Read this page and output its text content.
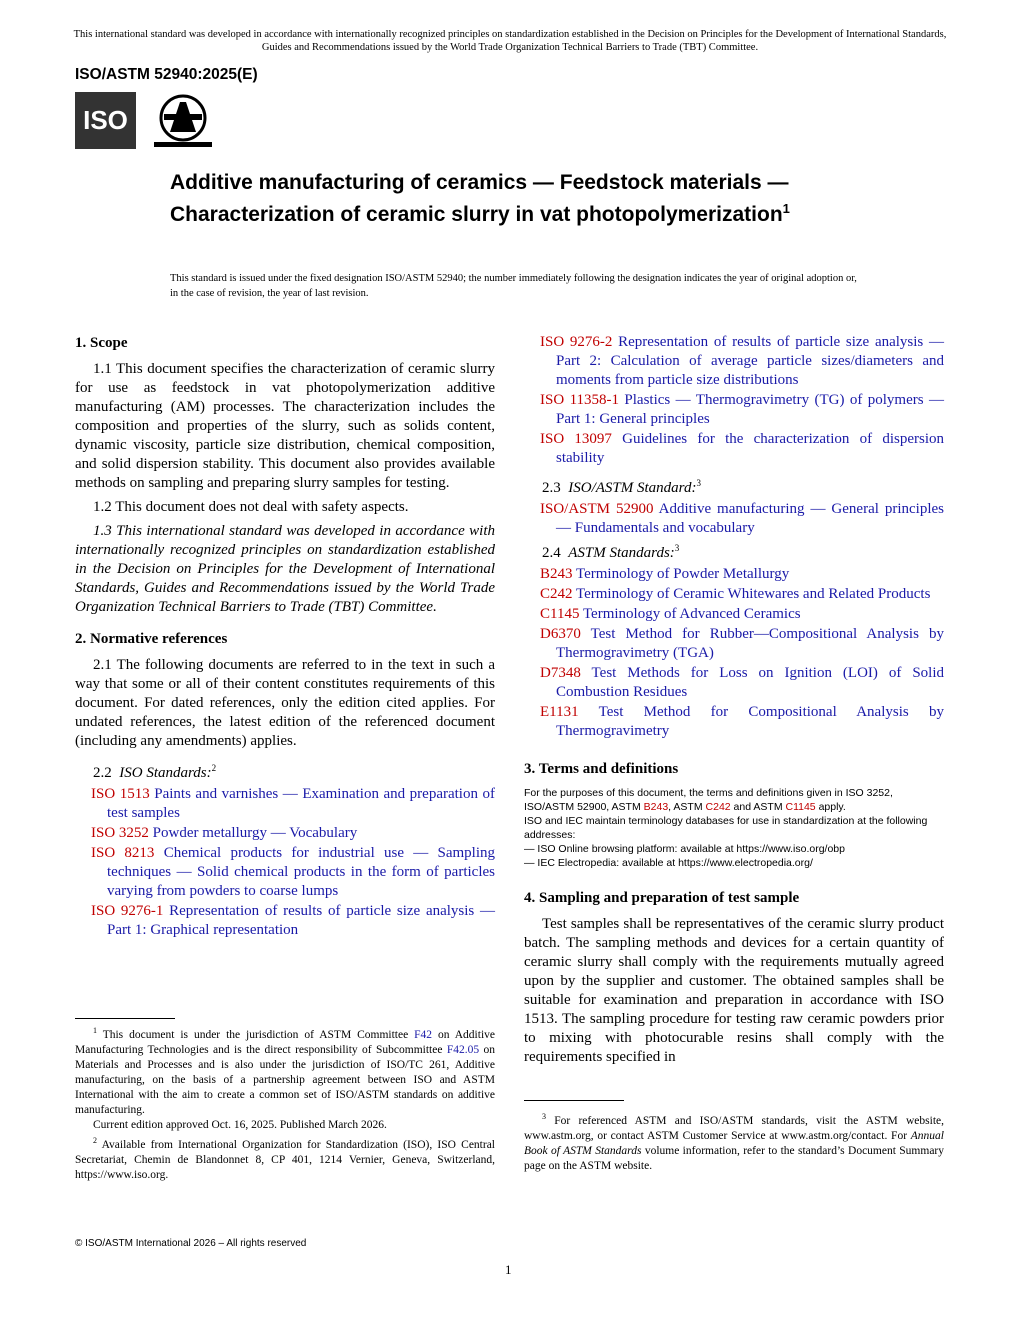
This international standard was developed in accordance with internationally recognized principles on standardization established in the Decision on Principles for the Development of International Standards, Guides and Recommendations issued by the World Trade Organization Technical Barriers to Trade (TBT) Committee.
ISO/ASTM 52940:2025(E)
ISO
Additive manufacturing of ceramics — Feedstock materials — Characterization of ceramic slurry in vat photopolymerization$^1$
This standard is issued under the fixed designation ISO/ASTM 52940; the number immediately following the designation indicates the year of original adoption or, in the case of revision, the year of last revision.
1. Scope

1.1 This document specifies the characterization of ceramic slurry for use as feedstock in vat photopolymerization additive manufacturing (AM) processes. The characterization includes the composition and properties of the slurry, such as solids content, dynamic viscosity, particle size distribution, chemical composition, and solid dispersion stability. This document also provides available methods on sampling and preparing slurry samples for testing.

1.2 This document does not deal with safety aspects.

1.3 This international standard was developed in accordance with internationally recognized principles on standardization established in the Decision on Principles for the Development of International Standards, Guides and Recommendations issued by the World Trade Organization Technical Barriers to Trade (TBT) Committee.

2. Normative references

2.1 The following documents are referred to in the text in such a way that some or all of their content constitutes requirements of this document. For dated references, only the edition cited applies. For undated references, the latest edition of the referenced document (including any amendments) applies.

2.2 ISO Standards:$^2$
ISO 1513 Paints and varnishes — Examination and preparation of test samples
ISO 3252 Powder metallurgy — Vocabulary
ISO 8213 Chemical products for industrial use — Sampling techniques — Solid chemical products in the form of particles varying from powders to coarse lumps
ISO 9276-1 Representation of results of particle size analysis — Part 1: Graphical representation
ISO 9276-2 Representation of results of particle size analysis — Part 2: Calculation of average particle sizes/diameters and moments from particle size distributions
ISO 11358-1 Plastics — Thermogravimetry (TG) of polymers — Part 1: General principles
ISO 13097 Guidelines for the characterization of dispersion stability
2.3 ISO/ASTM Standard:$^3$
ISO/ASTM 52900 Additive manufacturing — General principles — Fundamentals and vocabulary
2.4 ASTM Standards:$^3$
B243 Terminology of Powder Metallurgy
C242 Terminology of Ceramic Whitewares and Related Products
C1145 Terminology of Advanced Ceramics
D6370 Test Method for Rubber—Compositional Analysis by Thermogravimetry (TGA)
D7348 Test Methods for Loss on Ignition (LOI) of Solid Combustion Residues
E1131 Test Method for Compositional Analysis by Thermogravimetry
3. Terms and definitions

For the purposes of this document, the terms and definitions given in ISO 3252, ISO/ASTM 52900, ASTM B243, ASTM C242 and ASTM C1145 apply.

ISO and IEC maintain terminology databases for use in standardization at the following addresses:

— ISO Online browsing platform: available at https://www.iso.org/obp

— IEC Electropedia: available at https://www.electropedia.org/

4. Sampling and preparation of test sample

Test samples shall be representatives of the ceramic slurry product batch. The sampling methods and devices for a certain quantity of ceramic slurry shall comply with the requirements mutually agreed upon by the supplier and customer. The obtained samples shall be suitable for examination and preparation in accordance with ISO 1513. The sampling procedure for testing raw ceramic powders prior to mixing with photocurable resins shall comply with the requirements specified in

$^1$ This document is under the jurisdiction of ASTM Committee F42 on Additive Manufacturing Technologies and is the direct responsibility of Subcommittee F42.05 on Materials and Processes and is also under the jurisdiction of ISO/TC 261, Additive manufacturing, on the basis of a partnership agreement between ISO and ASTM International with the aim to create a common set of ISO/ASTM standards on additive manufacturing.

Current edition approved Oct. 16, 2025. Published March 2026.

$^2$ Available from International Organization for Standardization (ISO), ISO Central Secretariat, Chemin de Blandonnet 8, CP 401, 1214 Vernier, Geneva, Switzerland, https://www.iso.org.

$^3$ For referenced ASTM and ISO/ASTM standards, visit the ASTM website, www.astm.org, or contact ASTM Customer Service at www.astm.org/contact. For Annual Book of ASTM Standards volume information, refer to the standard’s Document Summary page on the ASTM website.

© ISO/ASTM International 2026 – All rights reserved
1
